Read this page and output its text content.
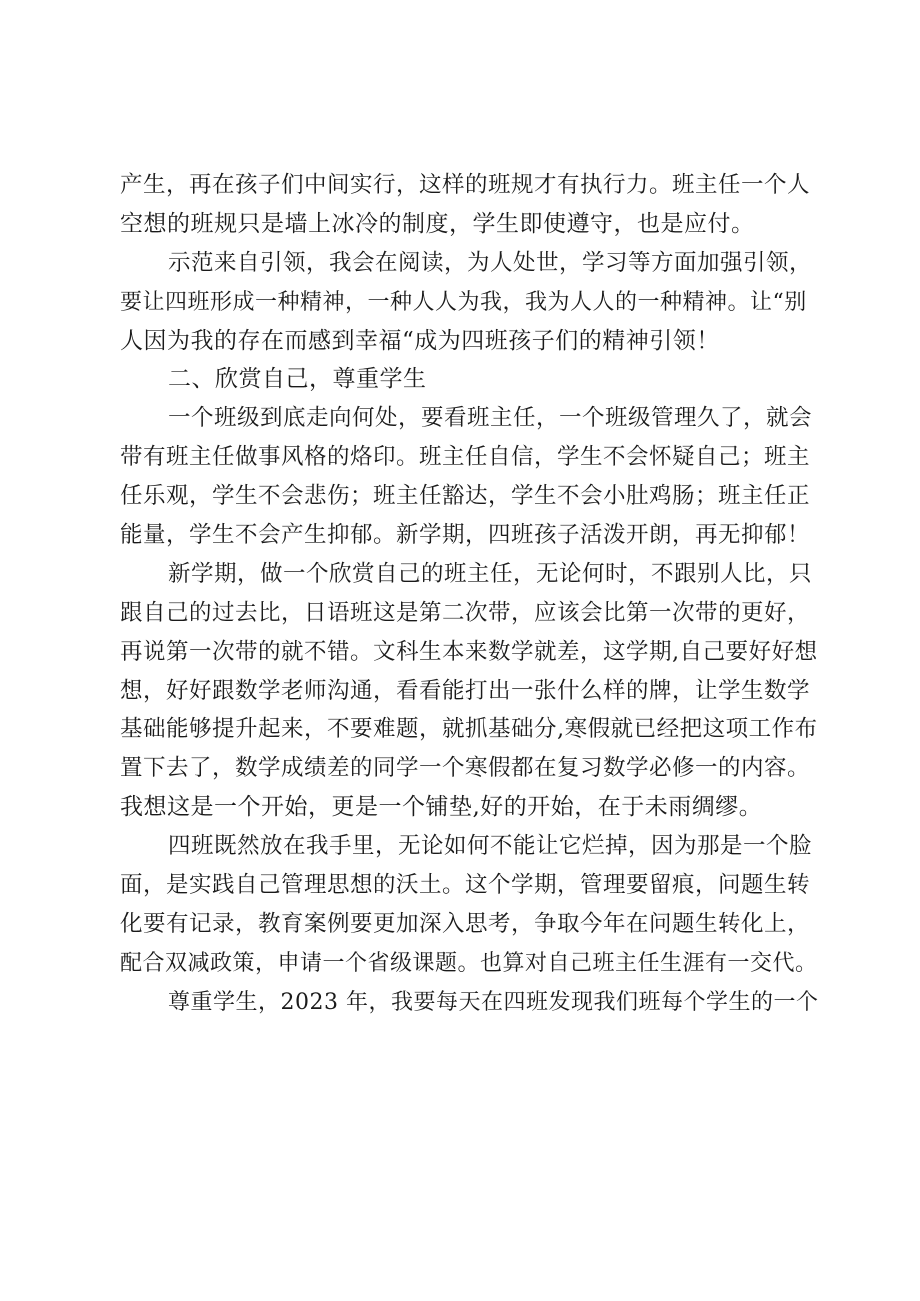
产生，再在孩子们中间实行，这样的班规才有执行力。班主任一个人
空想的班规只是墙上冰冷的制度，学生即使遵守，也是应付。
示范来自引领，我会在阅读，为人处世，学习等方面加强引领，
要让四班形成一种精神，一种人人为我，我为人人的一种精神。让“别
人因为我的存在而感到幸福“成为四班孩子们的精神引领！
二、欣赏自己，尊重学生
一个班级到底走向何处，要看班主任，一个班级管理久了，就会
带有班主任做事风格的烙印。班主任自信，学生不会怀疑自己；班主
任乐观，学生不会悲伤；班主任豁达，学生不会小肚鸡肠；班主任正
能量，学生不会产生抑郁。新学期，四班孩子活泼开朗，再无抑郁！
新学期，做一个欣赏自己的班主任，无论何时，不跟别人比，只
跟自己的过去比，日语班这是第二次带，应该会比第一次带的更好，
再说第一次带的就不错。文科生本来数学就差，这学期,自己要好好想
想，好好跟数学老师沟通，看看能打出一张什么样的牌，让学生数学
基础能够提升起来，不要难题，就抓基础分,寒假就已经把这项工作布
置下去了，数学成绩差的同学一个寒假都在复习数学必修一的内容。
我想这是一个开始，更是一个铺垫,好的开始，在于未雨绸缪。
四班既然放在我手里，无论如何不能让它烂掉，因为那是一个脸
面，是实践自己管理思想的沃土。这个学期，管理要留痕，问题生转
化要有记录，教育案例要更加深入思考，争取今年在问题生转化上，
配合双减政策，申请一个省级课题。也算对自己班主任生涯有一交代。
尊重学生，2023 年，我要每天在四班发现我们班每个学生的一个
